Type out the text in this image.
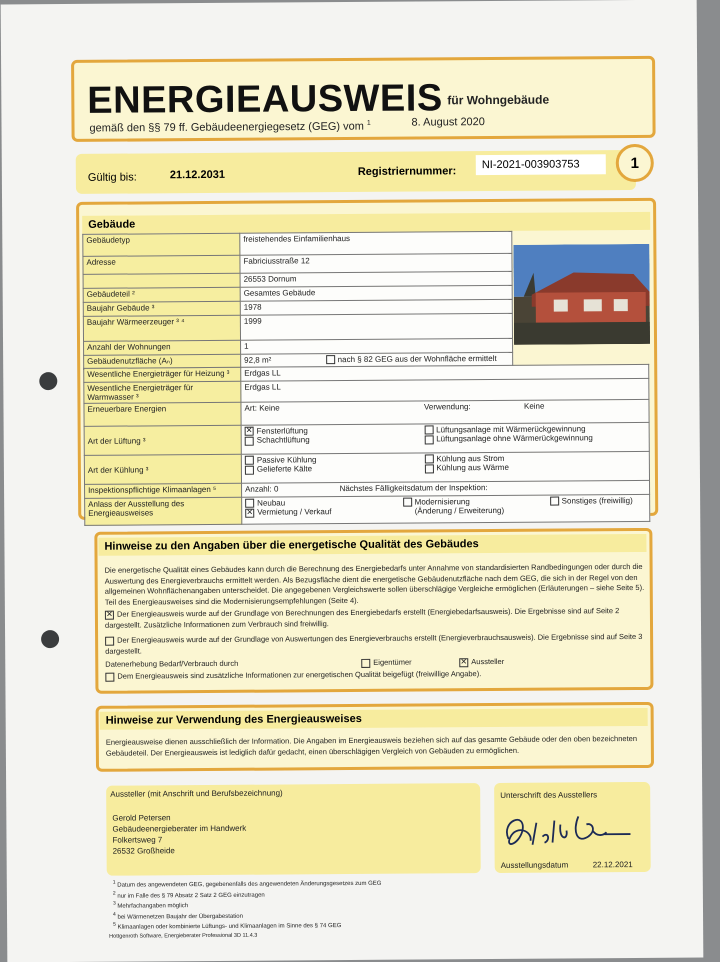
ENERGIEAUSWEIS für Wohngebäude
gemäß den §§ 79 ff. Gebäudeenergiegesetz (GEG) vom $^1$	8. August 2020
Gültig bis:	21.12.2031	Registriernummer:
NI-2021-003903753	1
Gebäude
Gebäudetyp	freistehendes Einfamilienhaus
Adresse	Fabriciusstraße 12
	26553 Dornum
Gebäudeteil ²	Gesamtes Gebäude
Baujahr Gebäude ³	1978
Baujahr Wärmeerzeuger ³ ⁴	1999
Anzahl der Wohnungen	1
Gebäudenutzfläche (Aₙ)	92,8 m² nach § 82 GEG aus der Wohnfläche ermittelt
Wesentliche Energieträger für Heizung ³	Erdgas LL
Wesentliche Energieträger für Warmwasser ³	Erdgas LL
Erneuerbare Energien	Art: Keine Verwendung: Keine

Art der Lüftung ³	✕ Fensterlüftung Lüftungsanlage mit Wärmerückgewinnung
Schachtlüftung Lüftungsanlage ohne Wärmerückgewinnung

Art der Kühlung ³	Passive Kühlung Kühlung aus Strom
Gelieferte Kälte Kühlung aus Wärme

Inspektionspflichtige Klimaanlagen ⁵	Anzahl: 0 Nächstes Fälligkeitsdatum der Inspektion:

Anlass der Ausstellung des Energieausweises	Neubau Modernisierung Sonstiges (freiwillig)
✕ Vermietung / Verkauf (Änderung / Erweiterung)
Hinweise zu den Angaben über die energetische Qualität des Gebäudes
Die energetische Qualität eines Gebäudes kann durch die Berechnung des Energiebedarfs unter Annahme von standardisierten Randbedingungen oder durch die Auswertung des Energieverbrauchs ermittelt werden. Als Bezugsfläche dient die energetische Gebäudenutzfläche nach dem GEG, die sich in der Regel von den allgemeinen Wohnflächenangaben unterscheidet. Die angegebenen Vergleichswerte sollen überschlägige Vergleiche ermöglichen (Erläuterungen – siehe Seite 5). Teil des Energieausweises sind die Modernisierungsempfehlungen (Seite 4).
✕ Der Energieausweis wurde auf der Grundlage von Berechnungen des Energiebedarfs erstellt (Energiebedarfsausweis). Die Ergebnisse sind auf Seite 2 dargestellt. Zusätzliche Informationen zum Verbrauch sind freiwillig.
Der Energieausweis wurde auf der Grundlage von Auswertungen des Energieverbrauchs erstellt (Energieverbrauchsausweis). Die Ergebnisse sind auf Seite 3 dargestellt.
Datenerhebung Bedarf/Verbrauch durch	Eigentümer	✕ Aussteller
Dem Energieausweis sind zusätzliche Informationen zur energetischen Qualität beigefügt (freiwillige Angabe).
Hinweise zur Verwendung des Energieausweises
Energieausweise dienen ausschließlich der Information. Die Angaben im Energieausweis beziehen sich auf das gesamte Gebäude oder den oben bezeichneten Gebäudeteil. Der Energieausweis ist lediglich dafür gedacht, einen überschlägigen Vergleich von Gebäuden zu ermöglichen.
Aussteller (mit Anschrift und Berufsbezeichnung)
Gerold Petersen
Gebäudeenergieberater im Handwerk
Folkertsweg 7
26532 Großheide
Unterschrift des Ausstellers
Ausstellungsdatum	22.12.2021
$^1$ Datum des angewendeten GEG, gegebenenfalls des angewendeten Änderungsgesetzes zum GEG
$^2$ nur im Falle des § 79 Absatz 2 Satz 2 GEG einzutragen
$^3$ Mehrfachangaben möglich
$^4$ bei Wärmenetzen Baujahr der Übergabestation
$^5$ Klimaanlagen oder kombinierte Lüftungs- und Klimaanlagen im Sinne des § 74 GEG
Hottgenroth Software, Energieberater Professional 3D 11.4.3
